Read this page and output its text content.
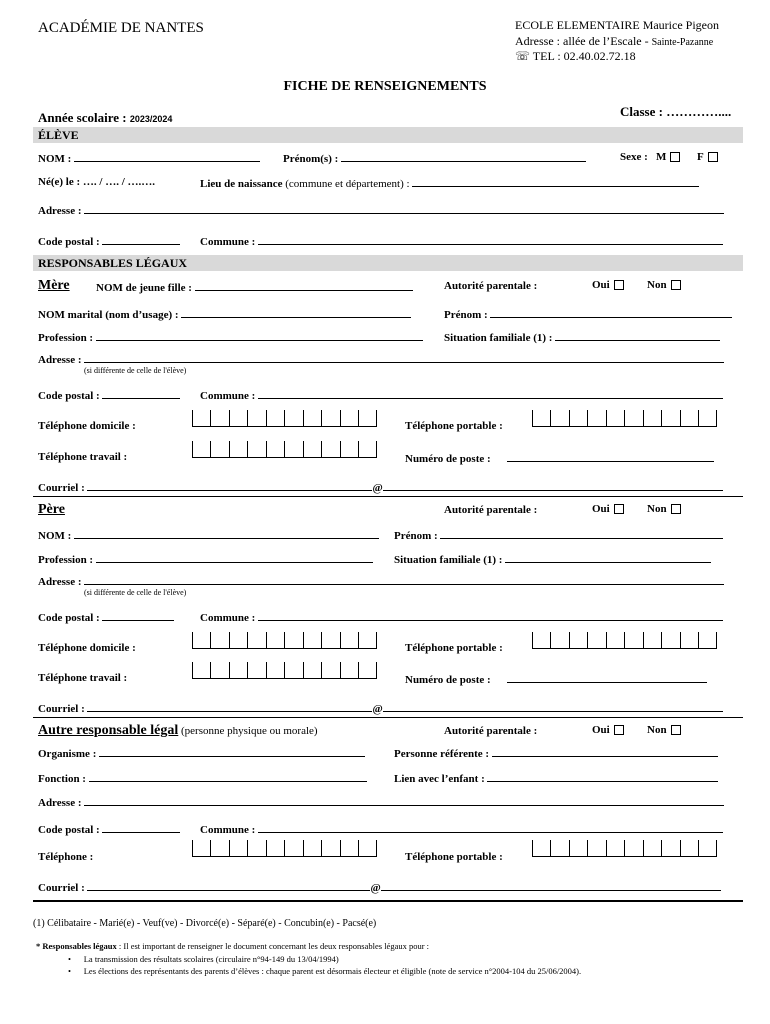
ACADÉMIE DE NANTES	ECOLE ELEMENTAIRE Maurice Pigeon
Adresse : allée de l’Escale - Sainte-Pazanne
☏ TEL : 02.40.02.72.18
FICHE DE RENSEIGNEMENTS
Année scolaire : 2023/2024	Classe : …………....
ÉLÈVE
NOM :	Prénom(s) :	Sexe : M	F
Né(e) le : …. / …. / ….….	Lieu de naissance (commune et département) :
Adresse :
Code postal :	Commune :
RESPONSABLES LÉGAUX
Mère NOM de jeune fille :	Autorité parentale :	Oui	Non
NOM marital (nom d’usage) :	Prénom :
Profession :	Situation familiale (1) :
Adresse :
(si différente de celle de l'élève)
Code postal :	Commune :
Téléphone domicile :	Téléphone portable :
Téléphone travail :	Numéro de poste :
Courriel :	@
Père	Autorité parentale :	Oui	Non
NOM :	Prénom :
Profession :	Situation familiale (1) :
Adresse :
(si différente de celle de l'élève)
Code postal :	Commune :
Téléphone domicile :	Téléphone portable :
Téléphone travail :	Numéro de poste :
Courriel :	@
Autre responsable légal (personne physique ou morale)	Autorité parentale :	Oui	Non
Organisme :	Personne référente :
Fonction :	Lien avec l’enfant :
Adresse :
Code postal :	Commune :
Téléphone :	Téléphone portable :
Courriel :	@
(1) Célibataire - Marié(e) - Veuf(ve) - Divorcé(e) - Séparé(e) - Concubin(e) - Pacsé(e)
* Responsables légaux : Il est important de renseigner le document concernant les deux responsables légaux pour :
•      La transmission des résultats scolaires (circulaire n°94-149 du 13/04/1994)
•      Les élections des représentants des parents d’élèves : chaque parent est désormais électeur et éligible (note de service n°2004-104 du 25/06/2004).
